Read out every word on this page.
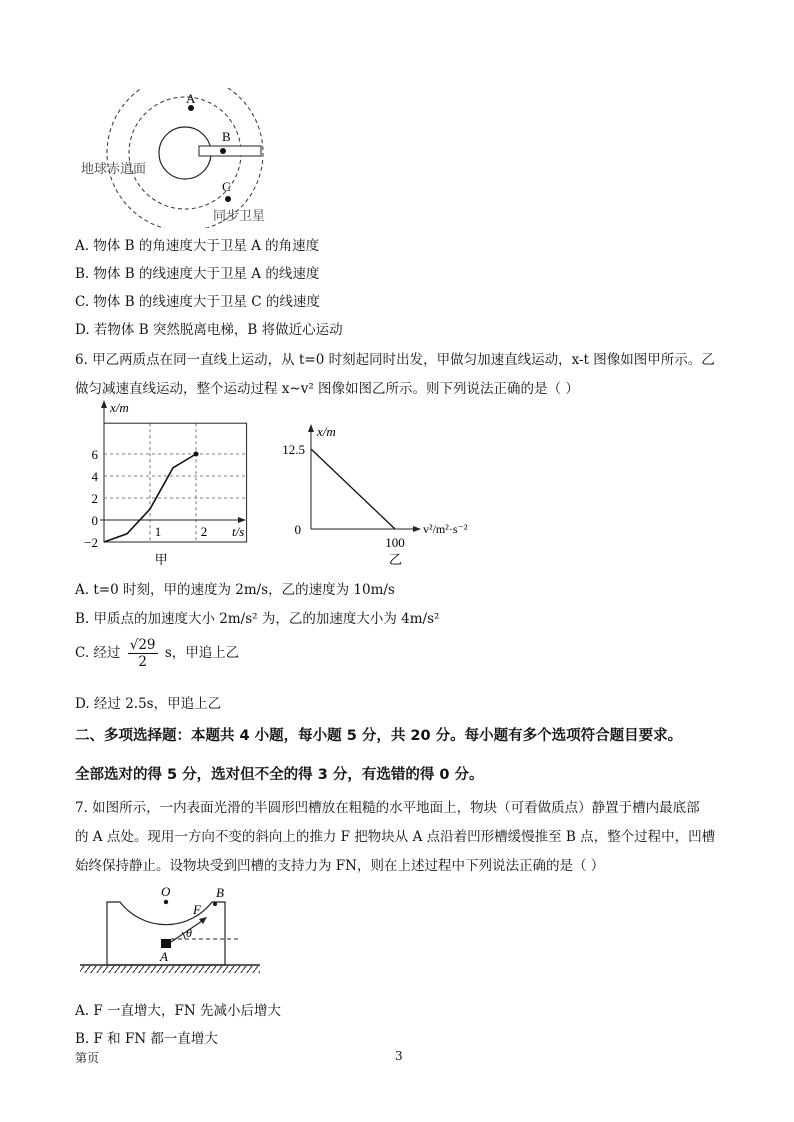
A
B
C
地球赤道面
同步卫星
A. 物体 B 的角速度大于卫星 A 的角速度
B. 物体 B 的线速度大于卫星 A 的线速度
C. 物体 B 的线速度大于卫星 C 的线速度
D. 若物体 B 突然脱离电梯，B 将做近心运动
6. 甲乙两质点在同一直线上运动，从 t=0 时刻起同时出发，甲做匀加速直线运动，x-t 图像如图甲所示。乙
做匀减速直线运动，整个运动过程 x~v² 图像如图乙所示。则下列说法正确的是（ ）
−2
0
2
4
6
1	2
x/m
t/s
甲
12.5
0
100
x/m
v²/m²·s⁻²
乙
A. t=0 时刻，甲的速度为 2m/s，乙的速度为 10m/s
B. 甲质点的加速度大小 2m/s² 为，乙的加速度大小为 4m/s²
C. 经过 $\frac{√29}{2}$ s，甲追上乙
D. 经过 2.5s，甲追上乙
二、多项选择题：本题共 4 小题，每小题 5 分，共 20 分。每小题有多个选项符合题目要求。
全部选对的得 5 分，选对但不全的得 3 分，有选错的得 0 分。
7. 如图所示，一内表面光滑的半圆形凹槽放在粗糙的水平地面上，物块（可看做质点）静置于槽内最底部
的 A 点处。现用一方向不变的斜向上的推力 F 把物块从 A 点沿着凹形槽缓慢推至 B 点，整个过程中，凹槽
始终保持静止。设物块受到凹槽的支持力为 FN，则在上述过程中下列说法正确的是（ ）
O	B
F
θ
A
A. F 一直增大，FN 先减小后增大
B. F 和 FN 都一直增大
第页	3
